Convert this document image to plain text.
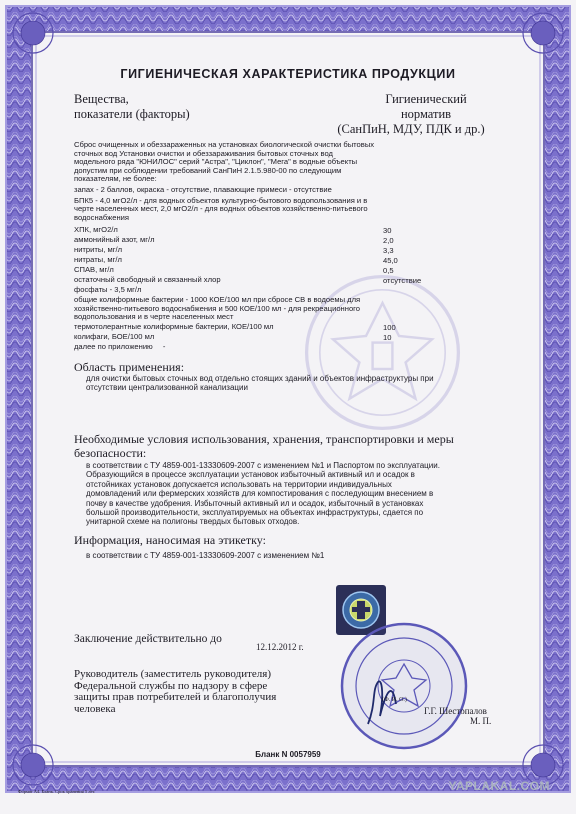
ГИГИЕНИЧЕСКАЯ ХАРАКТЕРИСТИКА ПРОДУКЦИИ
Вещества,
показатели (факторы)
Гигиенический
норматив
(СанПиН, МДУ, ПДК и др.)
Сброс очищенных и обеззараженных на установках биологической очистки бытовых
сточных вод Установки очистки и обеззараживания бытовых сточных вод
модельного ряда "ЮНИЛОС" серий "Астра", "Циклон", "Мега" в водные объекты
допустим при соблюдении требований СанПиН 2.1.5.980-00 по следующим
показателям, не более:
запах - 2 баллов, окраска - отсутствие, плавающие примеси - отсутствие
БПК5 - 4,0 мгО2/л - для водных объектов культурно-бытового водопользования и в
черте населенных мест, 2,0 мгО2/л - для водных объектов хозяйственно-питьевого
водоснабжения
ХПК, мгО2/л	30
аммонийный азот, мг/л	2,0
нитриты, мг/л	3,3
нитраты, мг/л	45,0
СПАВ, мг/л	0,5
остаточный свободный и связанный хлор	отсутствие
фосфаты - 3,5 мг/л
общие колиформные бактерии - 1000 КОЕ/100 мл при сбросе СВ в водоемы для
хозяйственно-питьевого водоснабжения и 500 КОЕ/100 мл - для рекреационного
водопользования и в черте населенных мест
термотолерантные колиформные бактерии, КОЕ/100 мл	100
колифаги, БОЕ/100 мл	10
далее по приложению -
Область применения:
для очистки бытовых сточных вод отдельно стоящих зданий и объектов инфраструктуры при
отсутствии централизованной канализации
Необходимые условия использования, хранения, транспортировки и меры
безопасности:
в соответствии с ТУ 4859-001-13330609-2007 с изменением №1 и Паспортом по эксплуатации.
Образующийся в процессе эксплуатации установок избыточный активный ил и осадок в
отстойниках установок допускается использовать на территории индивидуальных
домовладений или фермерских хозяйств для компостирования с последующим внесением в
почву в качестве удобрения. Избыточный активный ил и осадок, избыточный в установках
большой производительности, эксплуатируемых на объектах инфраструктуры, сдается по
унитарной схеме на полигоны твердых бытовых отходов.
Информация, наносимая на этикетку:
в соответствии с ТУ 4859-001-13330609-2007 с изменением №1
Заключение действительно до
12.12.2012 г.
Руководитель (заместитель руководителя)
Федеральной службы по надзору в сфере
защиты прав потребителей и благополучия
человека
(Ф. И. О.)
Г.Г. Шестопалов
М. П.
Бланк N 0057959
Формат А4. Бланк. Срок хранения 5 лет.	YAPLAKAL.COM
